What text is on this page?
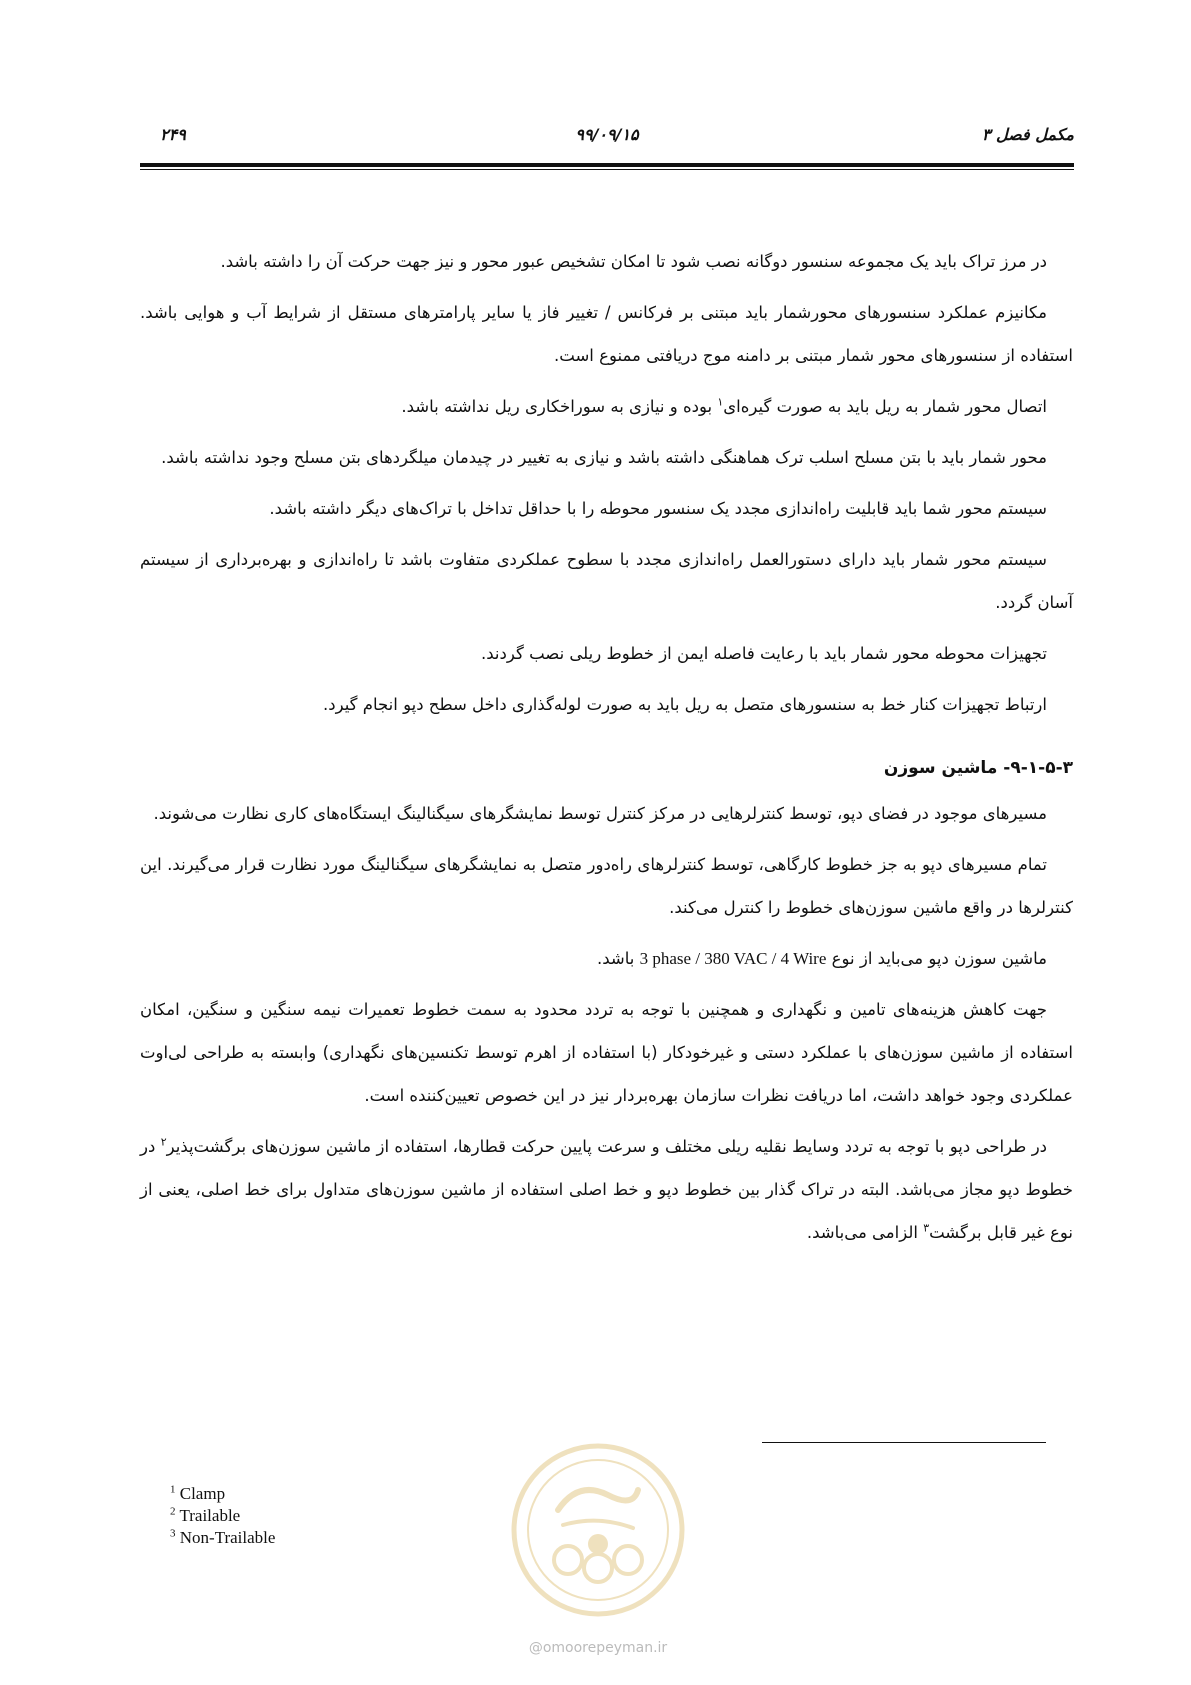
مکمل فصل ۳
۹۹/۰۹/۱۵
۲۴۹

در مرز تراک باید یک مجموعه سنسور دوگانه نصب شود تا امکان تشخیص عبور محور و نیز جهت حرکت آن را داشته باشد.

مکانیزم عملکرد سنسورهای محورشمار باید مبتنی بر فرکانس / تغییر فاز یا سایر پارامترهای مستقل از شرایط آب و هوایی باشد. استفاده از سنسورهای محور شمار مبتنی بر دامنه موج دریافتی ممنوع است.

اتصال محور شمار به ریل باید به صورت گیره‌ای$^۱$ بوده و نیازی به سوراخکاری ریل نداشته باشد.

محور شمار باید با بتن مسلح اسلب ترک هماهنگی داشته باشد و نیازی به تغییر در چیدمان میلگردهای بتن مسلح وجود نداشته باشد.

سیستم محور شما باید قابلیت راه‌اندازی مجدد یک سنسور محوطه را با حداقل تداخل با تراک‌های دیگر داشته باشد.

سیستم محور شمار باید دارای دستورالعمل راه‌اندازی مجدد با سطوح عملکردی متفاوت باشد تا راه‌اندازی و بهره‌برداری از سیستم آسان گردد.

تجهیزات محوطه محور شمار باید با رعایت فاصله ایمن از خطوط ریلی نصب گردند.

ارتباط تجهیزات کنار خط به سنسورهای متصل به ریل باید به صورت لوله‌گذاری داخل سطح دپو انجام گیرد.

۹-۱-۵-۳- ماشین سوزن

مسیرهای موجود در فضای دپو، توسط کنترلرهایی در مرکز کنترل توسط نمایشگرهای سیگنالینگ ایستگاه‌های کاری نظارت می‌شوند.

تمام مسیرهای دپو به جز خطوط کارگاهی، توسط کنترلرهای راه‌دور متصل به نمایشگرهای سیگنالینگ مورد نظارت قرار می‌گیرند. این کنترلرها در واقع ماشین سوزن‌های خطوط را کنترل می‌کند.

ماشین سوزن دپو می‌باید از نوع 3 phase / 380 VAC / 4 Wire باشد.

جهت کاهش هزینه‌های تامین و نگهداری و همچنین با توجه به تردد محدود به سمت خطوط تعمیرات نیمه سنگین و سنگین، امکان استفاده از ماشین سوزن‌های با عملکرد دستی و غیرخودکار (با استفاده از اهرم توسط تکنسین‌های نگهداری) وابسته به طراحی لی‌اوت عملکردی وجود خواهد داشت، اما دریافت نظرات سازمان بهره‌بردار نیز در این خصوص تعیین‌کننده است.

در طراحی دپو با توجه به تردد وسایط نقلیه ریلی مختلف و سرعت پایین حرکت قطارها، استفاده از ماشین سوزن‌های برگشت‌پذیر$^۲$ در خطوط دپو مجاز می‌باشد. البته در تراک گذار بین خطوط دپو و خط اصلی استفاده از ماشین سوزن‌های متداول برای خط اصلی، یعنی از نوع غیر قابل برگشت$^۳$ الزامی می‌باشد.

$^1$ Clamp
$^2$ Trailable
$^3$ Non-Trailable
@omoorepeyman.ir
